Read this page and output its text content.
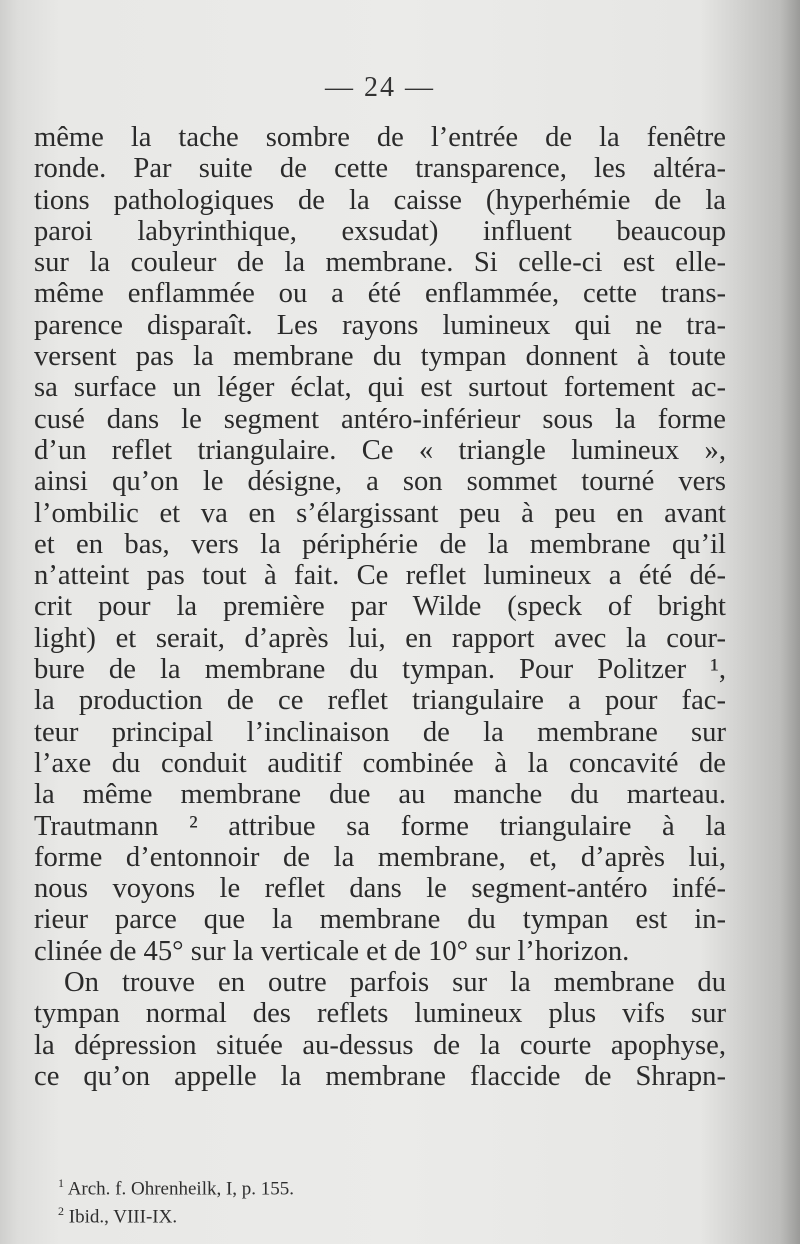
— 24 —
même la tache sombre de l’entrée de la fenêtre
ronde. Par suite de cette transparence, les altéra-
tions pathologiques de la caisse (hyperhémie de la
paroi labyrinthique, exsudat) influent beaucoup
sur la couleur de la membrane. Si celle-ci est elle-
même enflammée ou a été enflammée, cette trans-
parence disparaît. Les rayons lumineux qui ne tra-
versent pas la membrane du tympan donnent à toute
sa surface un léger éclat, qui est surtout fortement ac-
cusé dans le segment antéro-inférieur sous la forme
d’un reflet triangulaire. Ce « triangle lumineux »,
ainsi qu’on le désigne, a son sommet tourné vers
l’ombilic et va en s’élargissant peu à peu en avant
et en bas, vers la périphérie de la membrane qu’il
n’atteint pas tout à fait. Ce reflet lumineux a été dé-
crit pour la première par Wilde (speck of bright
light) et serait, d’après lui, en rapport avec la cour-
bure de la membrane du tympan. Pour Politzer ¹,
la production de ce reflet triangulaire a pour fac-
teur principal l’inclinaison de la membrane sur
l’axe du conduit auditif combinée à la concavité de
la même membrane due au manche du marteau.
Trautmann ² attribue sa forme triangulaire à la
forme d’entonnoir de la membrane, et, d’après lui,
nous voyons le reflet dans le segment-antéro infé-
rieur parce que la membrane du tympan est in-
clinée de 45° sur la verticale et de 10° sur l’horizon.
On trouve en outre parfois sur la membrane du
tympan normal des reflets lumineux plus vifs sur
la dépression située au-dessus de la courte apophyse,
ce qu’on appelle la membrane flaccide de Shrapn-
$^1$ Arch. f. Ohrenheilk, I, p. 155.
$^2$ Ibid., VIII-IX.
